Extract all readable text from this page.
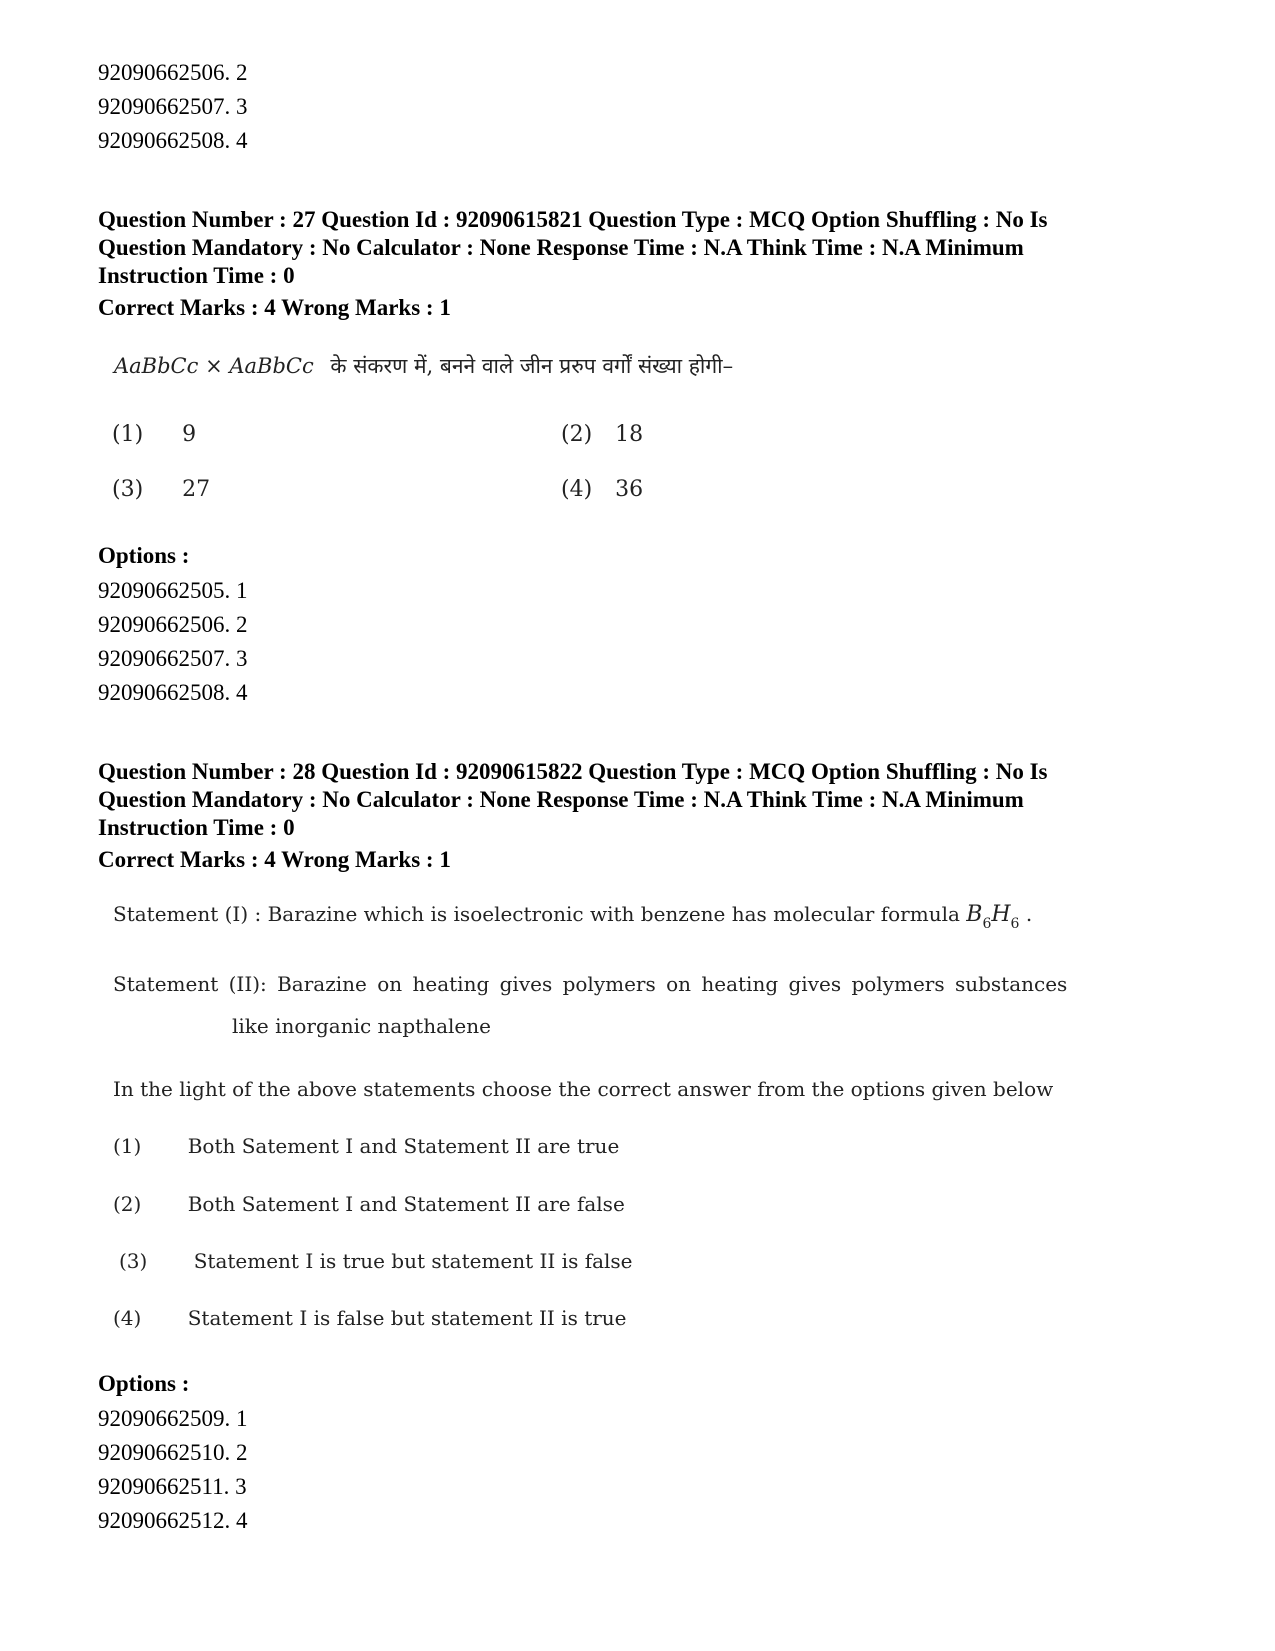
92090662506. 2
92090662507. 3
92090662508. 4
Question Number : 27 Question Id : 92090615821 Question Type : MCQ Option Shuffling : No Is
Question Mandatory : No Calculator : None Response Time : N.A Think Time : N.A Minimum
Instruction Time : 0
Correct Marks : 4 Wrong Marks : 1
AaBbCc × AaBbCc के संकरण में, बनने वाले जीन प्ररुप वर्गों संख्या होगी–
(1) 9	(2) 18
(3) 27	(4) 36
Options :
92090662505. 1
92090662506. 2
92090662507. 3
92090662508. 4
Question Number : 28 Question Id : 92090615822 Question Type : MCQ Option Shuffling : No Is
Question Mandatory : No Calculator : None Response Time : N.A Think Time : N.A Minimum
Instruction Time : 0
Correct Marks : 4 Wrong Marks : 1
Statement (I) : Barazine which is isoelectronic with benzene has molecular formula $B_6H_6$ .
Statement (II): Barazine on heating gives polymers on heating gives polymers substances
like inorganic napthalene
In the light of the above statements choose the correct answer from the options given below
(1) Both Satement I and Statement II are true
(2) Both Satement I and Statement II are false
(3) Statement I is true but statement II is false
(4) Statement I is false but statement II is true
Options :
92090662509. 1
92090662510. 2
92090662511. 3
92090662512. 4
